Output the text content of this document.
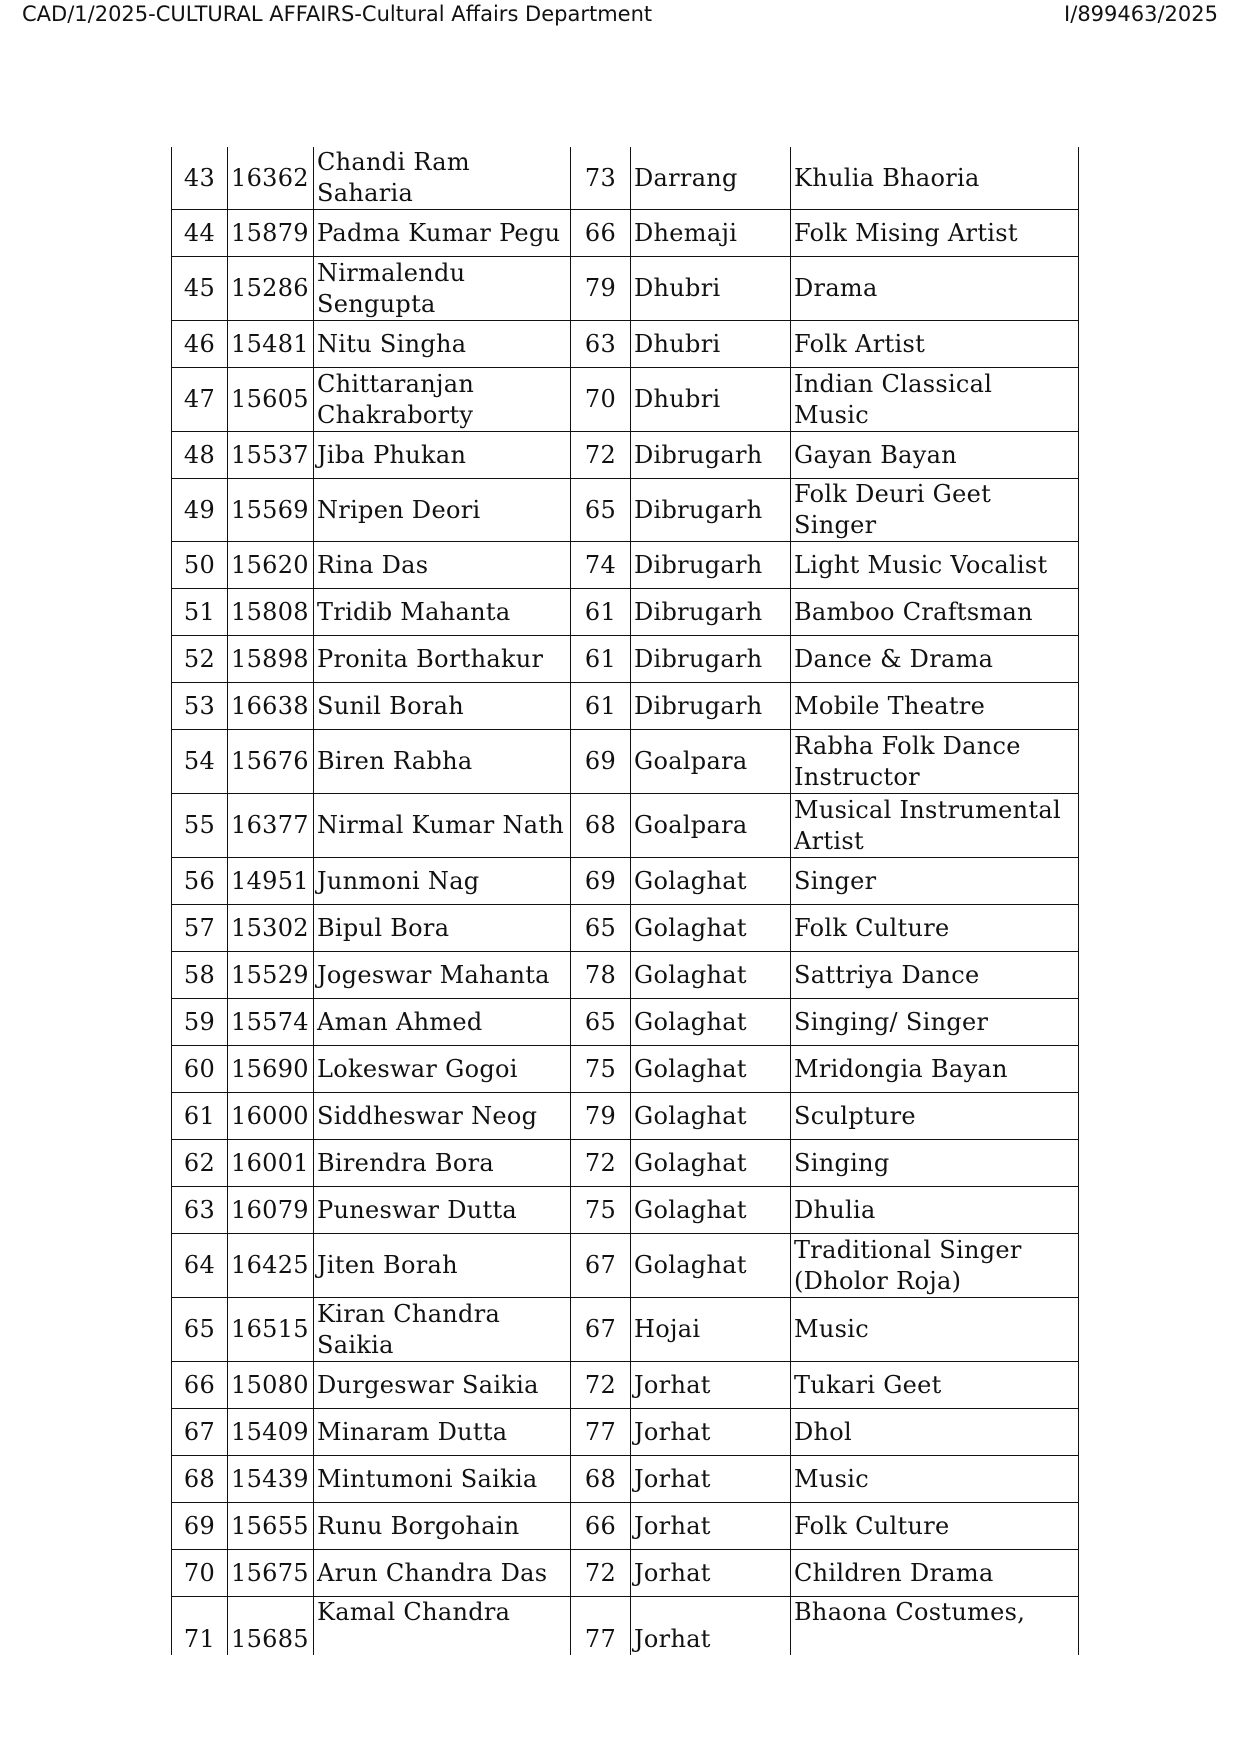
CAD/1/2025-CULTURAL AFFAIRS-Cultural Affairs Department	I/899463/2025
43	16362	Chandi Ram Saharia	73	Darrang	Khulia Bhaoria
44	15879	Padma Kumar Pegu	66	Dhemaji	Folk Mising Artist
45	15286	Nirmalendu Sengupta	79	Dhubri	Drama
46	15481	Nitu Singha	63	Dhubri	Folk Artist
47	15605	Chittaranjan Chakraborty	70	Dhubri	Indian Classical Music
48	15537	Jiba Phukan	72	Dibrugarh	Gayan Bayan
49	15569	Nripen Deori	65	Dibrugarh	Folk Deuri Geet Singer
50	15620	Rina Das	74	Dibrugarh	Light Music Vocalist
51	15808	Tridib Mahanta	61	Dibrugarh	Bamboo Craftsman
52	15898	Pronita Borthakur	61	Dibrugarh	Dance & Drama
53	16638	Sunil Borah	61	Dibrugarh	Mobile Theatre
54	15676	Biren Rabha	69	Goalpara	Rabha Folk Dance Instructor
55	16377	Nirmal Kumar Nath	68	Goalpara	Musical Instrumental Artist
56	14951	Junmoni Nag	69	Golaghat	Singer
57	15302	Bipul Bora	65	Golaghat	Folk Culture
58	15529	Jogeswar Mahanta	78	Golaghat	Sattriya Dance
59	15574	Aman Ahmed	65	Golaghat	Singing/ Singer
60	15690	Lokeswar Gogoi	75	Golaghat	Mridongia Bayan
61	16000	Siddheswar Neog	79	Golaghat	Sculpture
62	16001	Birendra Bora	72	Golaghat	Singing
63	16079	Puneswar Dutta	75	Golaghat	Dhulia
64	16425	Jiten Borah	67	Golaghat	Traditional Singer (Dholor Roja)
65	16515	Kiran Chandra Saikia	67	Hojai	Music
66	15080	Durgeswar Saikia	72	Jorhat	Tukari Geet
67	15409	Minaram Dutta	77	Jorhat	Dhol
68	15439	Mintumoni Saikia	68	Jorhat	Music
69	15655	Runu Borgohain	66	Jorhat	Folk Culture
70	15675	Arun Chandra Das	72	Jorhat	Children Drama
71	15685	Kamal Chandra	77	Jorhat	Bhaona Costumes,
